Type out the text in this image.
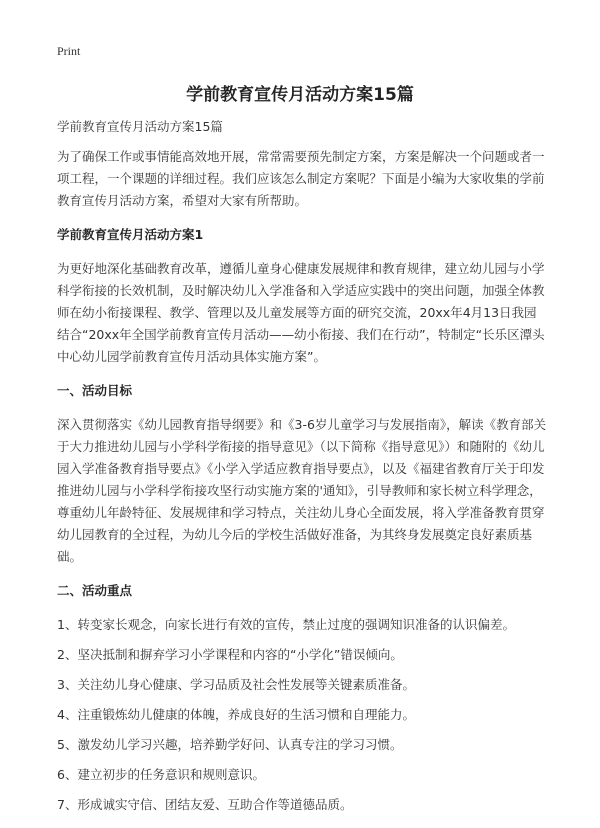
Print
学前教育宣传月活动方案15篇

学前教育宣传月活动方案15篇

为了确保工作或事情能高效地开展，常常需要预先制定方案，方案是解决一个问题或者一项工程，一个课题的详细过程。我们应该怎么制定方案呢？下面是小编为大家收集的学前教育宣传月活动方案，希望对大家有所帮助。

学前教育宣传月活动方案1

为更好地深化基础教育改革，遵循儿童身心健康发展规律和教育规律，建立幼儿园与小学科学衔接的长效机制，及时解决幼儿入学准备和入学适应实践中的突出问题，加强全体教师在幼小衔接课程、教学、管理以及儿童发展等方面的研究交流，20xx年4月13日我园结合“20xx年全国学前教育宣传月活动——幼小衔接、我们在行动”，特制定“长乐区潭头中心幼儿园学前教育宣传月活动具体实施方案”。

一、活动目标

深入贯彻落实《幼儿园教育指导纲要》和《3-6岁儿童学习与发展指南》，解读《教育部关于大力推进幼儿园与小学科学衔接的指导意见》（以下简称《指导意见》）和随附的《幼儿园入学准备教育指导要点》《小学入学适应教育指导要点》，以及《福建省教育厅关于印发推进幼儿园与小学科学衔接攻坚行动实施方案的'通知》，引导教师和家长树立科学理念，尊重幼儿年龄特征、发展规律和学习特点，关注幼儿身心全面发展，将入学准备教育贯穿幼儿园教育的全过程，为幼儿今后的学校生活做好准备，为其终身发展奠定良好素质基础。

二、活动重点

1、转变家长观念，向家长进行有效的宣传，禁止过度的强调知识准备的认识偏差。

2、坚决抵制和摒弃学习小学课程和内容的“小学化”错误倾向。

3、关注幼儿身心健康、学习品质及社会性发展等关键素质准备。

4、注重锻炼幼儿健康的体魄，养成良好的生活习惯和自理能力。

5、激发幼儿学习兴趣，培养勤学好问、认真专注的学习习惯。

6、建立初步的任务意识和规则意识。

7、形成诚实守信、团结友爱、互助合作等道德品质。
